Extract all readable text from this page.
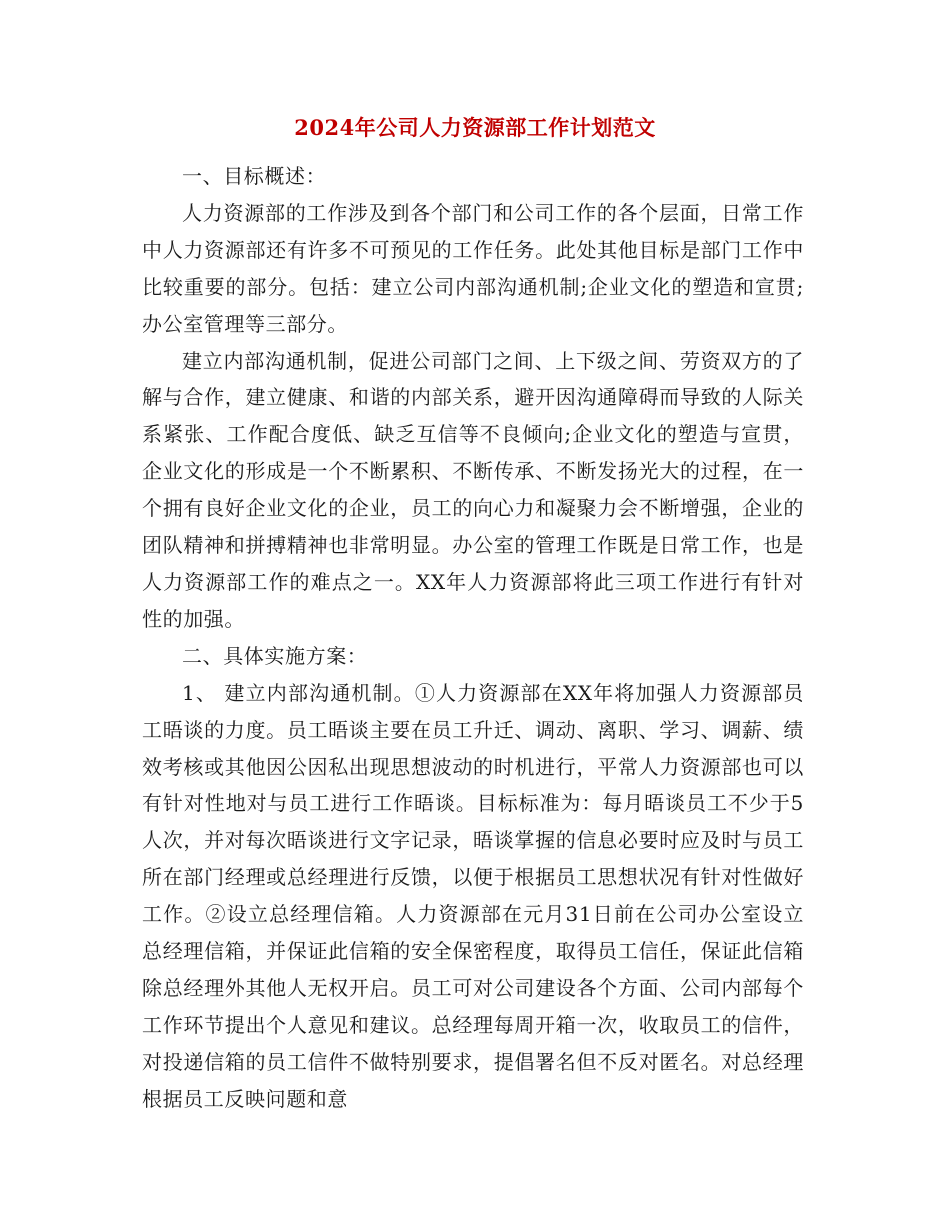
2024年公司人力资源部工作计划范文

一、目标概述：

人力资源部的工作涉及到各个部门和公司工作的各个层面，日常工作中人力资源部还有许多不可预见的工作任务。此处其他目标是部门工作中比较重要的部分。包括：建立公司内部沟通机制;企业文化的塑造和宣贯;办公室管理等三部分。

建立内部沟通机制，促进公司部门之间、上下级之间、劳资双方的了解与合作，建立健康、和谐的内部关系，避开因沟通障碍而导致的人际关系紧张、工作配合度低、缺乏互信等不良倾向;企业文化的塑造与宣贯，企业文化的形成是一个不断累积、不断传承、不断发扬光大的过程，在一个拥有良好企业文化的企业，员工的向心力和凝聚力会不断增强，企业的团队精神和拼搏精神也非常明显。办公室的管理工作既是日常工作，也是人力资源部工作的难点之一。XX年人力资源部将此三项工作进行有针对性的加强。

二、具体实施方案：

1、 建立内部沟通机制。①人力资源部在XX年将加强人力资源部员工晤谈的力度。员工晤谈主要在员工升迁、调动、离职、学习、调薪、绩效考核或其他因公因私出现思想波动的时机进行，平常人力资源部也可以有针对性地对与员工进行工作晤谈。目标标准为：每月晤谈员工不少于5人次，并对每次晤谈进行文字记录，晤谈掌握的信息必要时应及时与员工所在部门经理或总经理进行反馈，以便于根据员工思想状况有针对性做好工作。②设立总经理信箱。人力资源部在元月31日前在公司办公室设立总经理信箱，并保证此信箱的安全保密程度，取得员工信任，保证此信箱除总经理外其他人无权开启。员工可对公司建设各个方面、公司内部每个工作环节提出个人意见和建议。总经理每周开箱一次，收取员工的信件，对投递信箱的员工信件不做特别要求，提倡署名但不反对匿名。对总经理根据员工反映问题和意
